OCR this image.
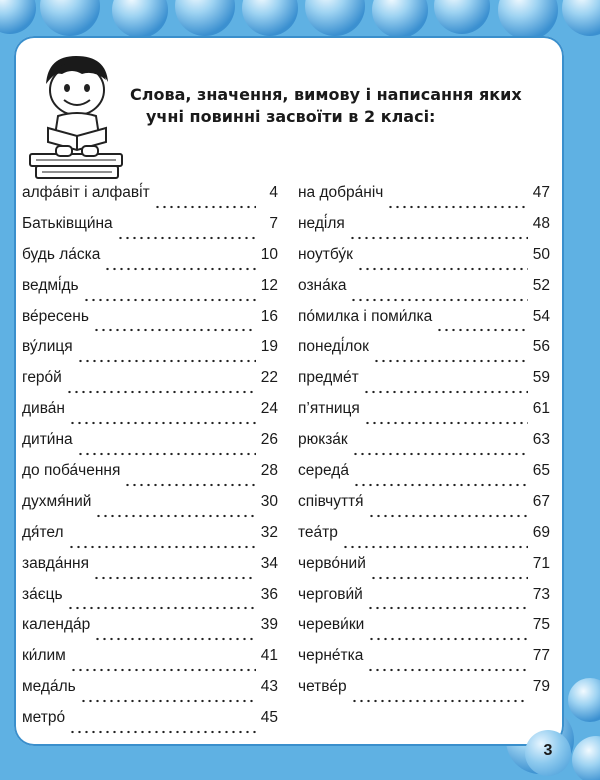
Слова, значення, вимову і написання яких
учні повинні засвоїти в 2 класі:
алфа́віт і алфаві́т	4
Батьківщи́на	7
будь ла́ска	10
ведмі́дь	12
ве́ресень	16
ву́лиця	19
геро́й	22
дива́н	24
дити́на	26
до поба́чення	28
духмя́ний	30
дя́тел	32
завда́ння	34
за́єць	36
календа́р	39
ки́лим	41
меда́ль	43
метро́	45
на добра́ніч	47
неді́ля	48
ноутбу́к	50
озна́ка	52
по́милка і поми́лка	54
понеді́лок	56
предме́т	59
п’ятниця	61
рюкза́к	63
середа́	65
співчуття́	67
теа́тр	69
черво́ний	71
чергови́й	73
череви́ки	75
черне́тка	77
четве́р	79
3
